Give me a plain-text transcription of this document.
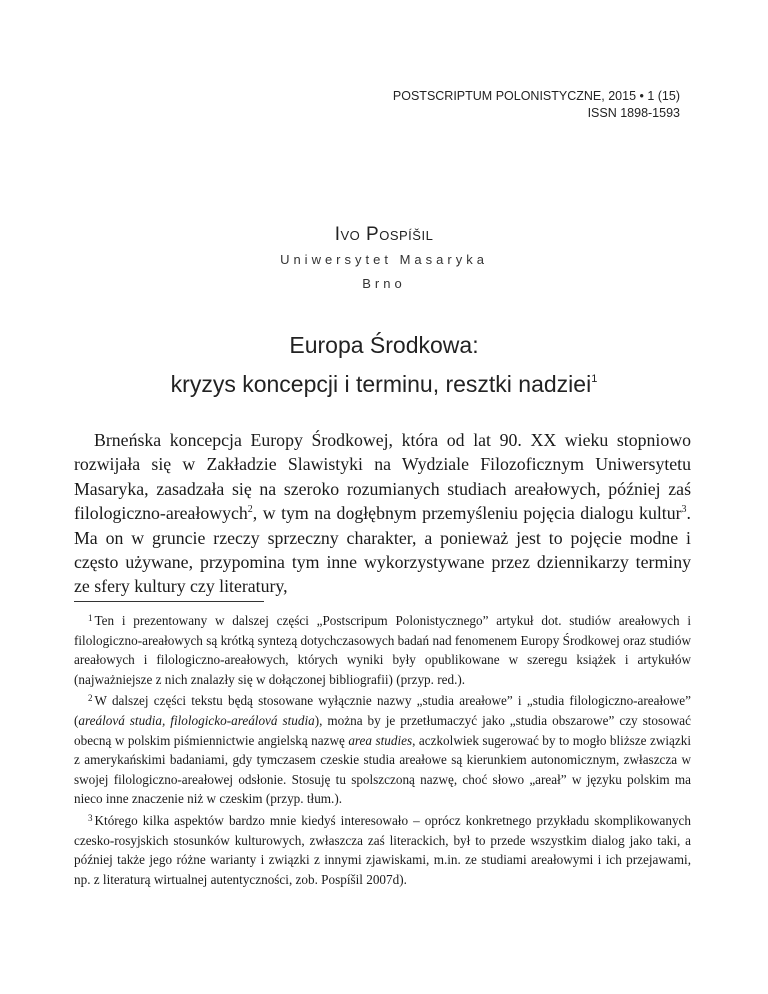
POSTSCRIPTUM POLONISTYCZNE, 2015 • 1 (15)
ISSN 1898-1593
Ivo Pospíšil
Uniwersytet Masaryka
Brno
Europa Środkowa:
kryzys koncepcji i terminu, resztki nadziei$^1$

Brneńska koncepcja Europy Środkowej, która od lat 90. XX wieku stopniowo rozwijała się w Zakładzie Slawistyki na Wydziale Filozoficznym Uniwersytetu Masaryka, zasadzała się na szeroko rozumianych studiach areałowych, później zaś filologiczno-areałowych$^2$, w tym na dogłębnym przemyśleniu pojęcia dialogu kultur$^3$. Ma on w gruncie rzeczy sprzeczny charakter, a ponieważ jest to pojęcie modne i często używane, przypomina tym inne wykorzystywane przez dziennikarzy terminy ze sfery kultury czy literatury,

$^1$ Ten i prezentowany w dalszej części „Postscripum Polonistycznego” artykuł dot. studiów areałowych i filologiczno-areałowych są krótką syntezą dotychczasowych badań nad fenomenem Europy Środkowej oraz studiów areałowych i filologiczno-areałowych, których wyniki były opublikowane w szeregu książek i artykułów (najważniejsze z nich znalazły się w dołączonej bibliografii) (przyp. red.).

$^2$ W dalszej części tekstu będą stosowane wyłącznie nazwy „studia areałowe” i „studia filologiczno-areałowe” (areálová studia, filologicko-areálová studia), można by je przetłumaczyć jako „studia obszarowe” czy stosować obecną w polskim piśmiennictwie angielską nazwę area studies, aczkolwiek sugerować by to mogło bliższe związki z amerykańskimi badaniami, gdy tymczasem czeskie studia areałowe są kierunkiem autonomicznym, zwłaszcza w swojej filologiczno-areałowej odsłonie. Stosuję tu spolszczoną nazwę, choć słowo „areał” w języku polskim ma nieco inne znaczenie niż w czeskim (przyp. tłum.).

$^3$ Którego kilka aspektów bardzo mnie kiedyś interesowało – oprócz konkretnego przykładu skomplikowanych czesko-rosyjskich stosunków kulturowych, zwłaszcza zaś literackich, był to przede wszystkim dialog jako taki, a później także jego różne warianty i związki z innymi zjawiskami, m.in. ze studiami areałowymi i ich przejawami, np. z literaturą wirtualnej autentyczności, zob. Pospíšil 2007d).
